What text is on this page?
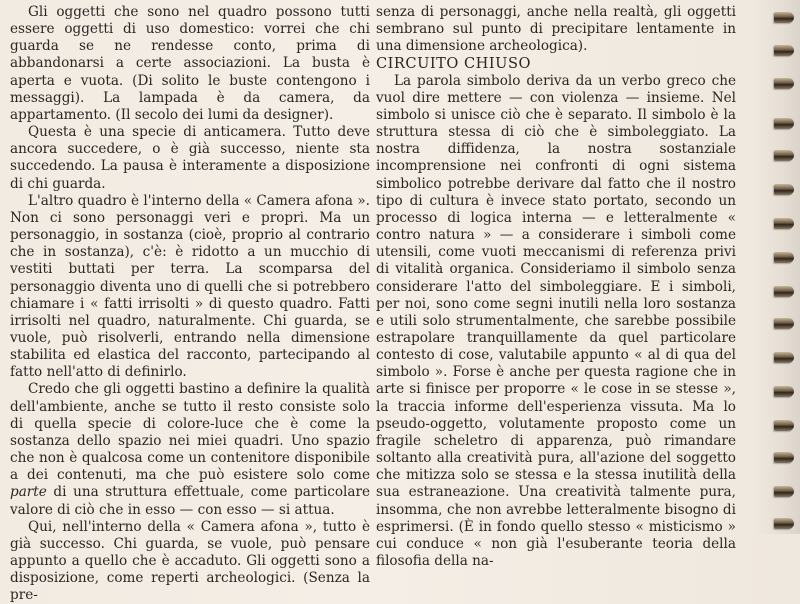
Gli oggetti che sono nel quadro possono tutti essere oggetti di uso domestico: vorrei che chi guarda se ne rendesse conto, prima di abbandonarsi a certe associazioni. La busta è aperta e vuota. (Di solito le buste contengono i messaggi). La lampada è da camera, da appartamento. (Il secolo dei lumi da designer).

Questa è una specie di anticamera. Tutto deve ancora succedere, o è già successo, niente sta succedendo. La pausa è interamente a disposizione di chi guarda.

L'altro quadro è l'interno della « Camera afona ». Non ci sono personaggi veri e propri. Ma un personaggio, in sostanza (cioè, proprio al contrario che in sostanza), c'è: è ridotto a un mucchio di vestiti buttati per terra. La scomparsa del personaggio diventa uno di quelli che si potrebbero chiamare i « fatti irrisolti » di questo quadro. Fatti irrisolti nel quadro, naturalmente. Chi guarda, se vuole, può risolverli, entrando nella dimensione stabilita ed elastica del racconto, partecipando al fatto nell'atto di definirlo.

Credo che gli oggetti bastino a definire la qualità dell'ambiente, anche se tutto il resto consiste solo di quella specie di colore-luce che è come la sostanza dello spazio nei miei quadri. Uno spazio che non è qualcosa come un contenitore disponibile a dei contenuti, ma che può esistere solo come parte di una struttura effettuale, come particolare valore di ciò che in esso — con esso — si attua.

Qui, nell'interno della « Camera afona », tutto è già successo. Chi guarda, se vuole, può pensare appunto a quello che è accaduto. Gli oggetti sono a disposizione, come reperti archeologici. (Senza la pre-

senza di personaggi, anche nella realtà, gli oggetti sembrano sul punto di precipitare lentamente in una dimensione archeologica).

CIRCUITO CHIUSO

La parola simbolo deriva da un verbo greco che vuol dire mettere — con violenza — insieme. Nel simbolo si unisce ciò che è separato. Il simbolo è la struttura stessa di ciò che è simboleggiato. La nostra diffidenza, la nostra sostanziale incomprensione nei confronti di ogni sistema simbolico potrebbe derivare dal fatto che il nostro tipo di cultura è invece stato portato, secondo un processo di logica interna — e letteralmente « contro natura » — a considerare i simboli come utensili, come vuoti meccanismi di referenza privi di vitalità organica. Consideriamo il simbolo senza considerare l'atto del simboleggiare. E i simboli, per noi, sono come segni inutili nella loro sostanza e utili solo strumentalmente, che sarebbe possibile estrapolare tranquillamente da quel particolare contesto di cose, valutabile appunto « al di qua del simbolo ». Forse è anche per questa ragione che in arte si finisce per proporre « le cose in se stesse », la traccia informe dell'esperienza vissuta. Ma lo pseudo-oggetto, volutamente proposto come un fragile scheletro di apparenza, può rimandare soltanto alla creatività pura, all'azione del soggetto che mitizza solo se stessa e la stessa inutilità della sua estraneazione. Una creatività talmente pura, insomma, che non avrebbe letteralmente bisogno di esprimersi. (È in fondo quello stesso « misticismo » cui conduce « non già l'esuberante teoria della filosofia della na-
